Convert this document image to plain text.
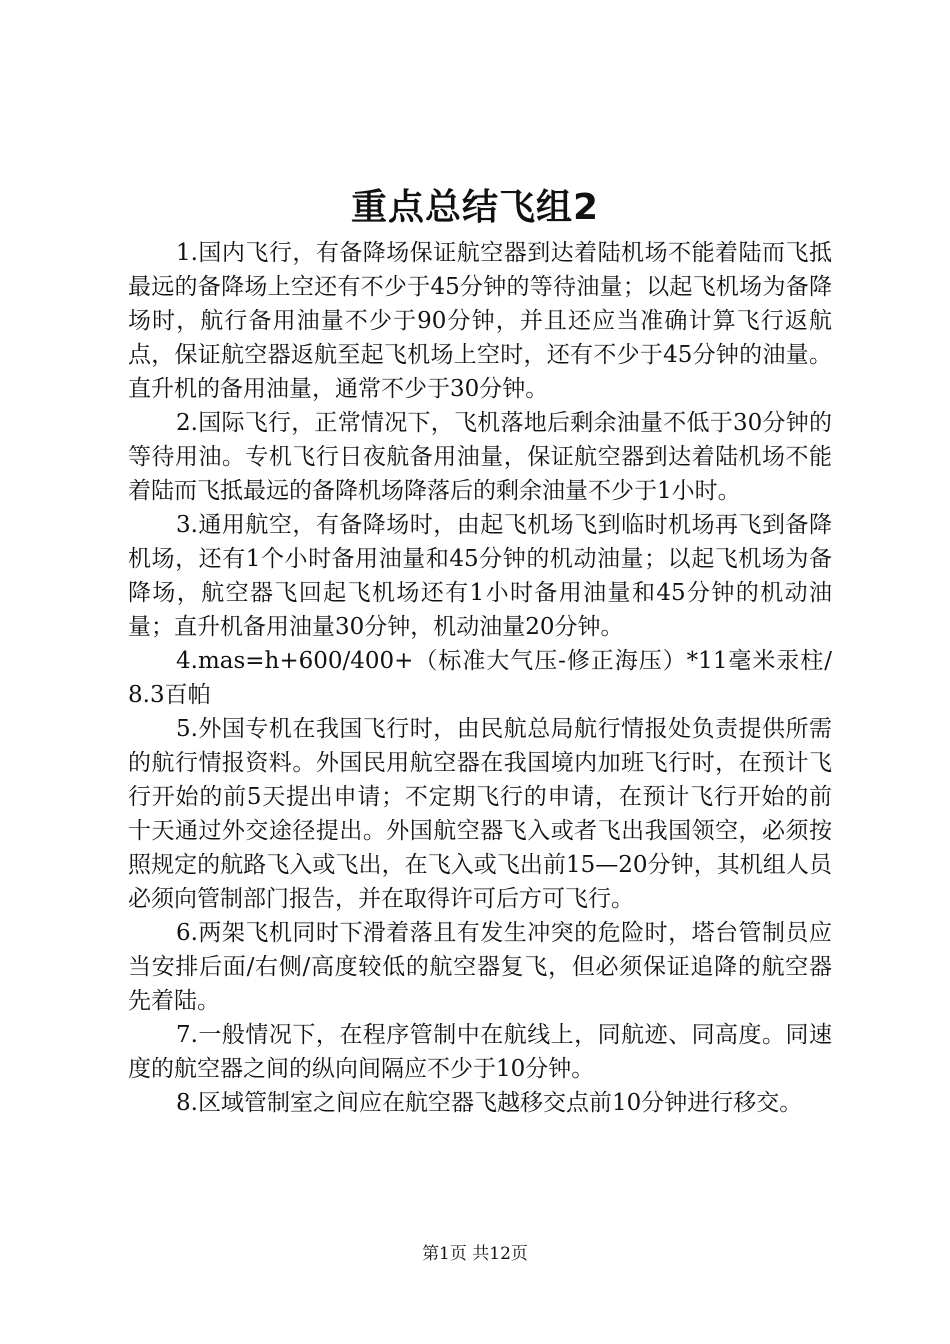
重点总结飞组2

1.国内飞行，有备降场保证航空器到达着陆机场不能着陆而飞抵最远的备降场上空还有不少于45分钟的等待油量；以起飞机场为备降场时，航行备用油量不少于90分钟，并且还应当准确计算飞行返航点，保证航空器返航至起飞机场上空时，还有不少于45分钟的油量。直升机的备用油量，通常不少于30分钟。

2.国际飞行，正常情况下，飞机落地后剩余油量不低于30分钟的等待用油。专机飞行日夜航备用油量，保证航空器到达着陆机场不能着陆而飞抵最远的备降机场降落后的剩余油量不少于1小时。

3.通用航空，有备降场时，由起飞机场飞到临时机场再飞到备降机场，还有1个小时备用油量和45分钟的机动油量；以起飞机场为备降场，航空器飞回起飞机场还有1小时备用油量和45分钟的机动油量；直升机备用油量30分钟，机动油量20分钟。

4.mas=h+600/400+（标准大气压-修正海压）*11毫米汞柱/8.3百帕

5.外国专机在我国飞行时，由民航总局航行情报处负责提供所需的航行情报资料。外国民用航空器在我国境内加班飞行时，在预计飞行开始的前5天提出申请；不定期飞行的申请，在预计飞行开始的前十天通过外交途径提出。外国航空器飞入或者飞出我国领空，必须按照规定的航路飞入或飞出，在飞入或飞出前15—20分钟，其机组人员必须向管制部门报告，并在取得许可后方可飞行。

6.两架飞机同时下滑着落且有发生冲突的危险时，塔台管制员应当安排后面/右侧/高度较低的航空器复飞，但必须保证追降的航空器先着陆。

7.一般情况下，在程序管制中在航线上，同航迹、同高度。同速度的航空器之间的纵向间隔应不少于10分钟。

8.区域管制室之间应在航空器飞越移交点前10分钟进行移交。

第1页 共12页
